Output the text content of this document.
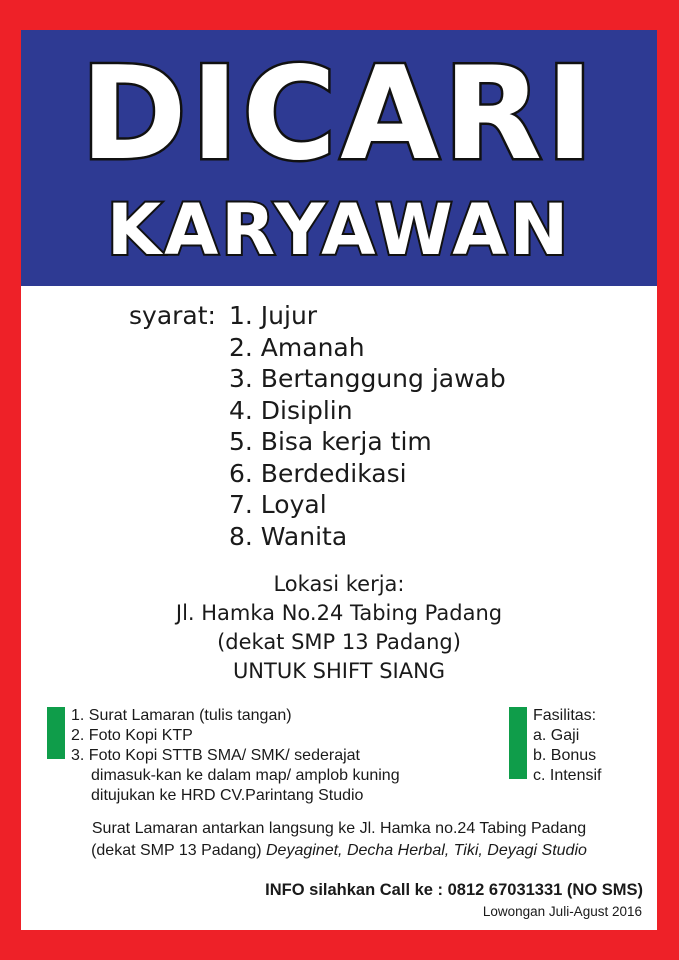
DICARI
KARYAWAN
syarat: 1. Jujur
2. Amanah
3. Bertanggung jawab
4. Disiplin
5. Bisa kerja tim
6. Berdedikasi
7. Loyal
8. Wanita
Lokasi kerja:
Jl. Hamka No.24 Tabing Padang
(dekat SMP 13 Padang)
UNTUK SHIFT SIANG
1. Surat Lamaran (tulis tangan)
2. Foto Kopi KTP
3. Foto Kopi STTB SMA/ SMK/ sederajat
dimasuk-kan ke dalam map/ amplob kuning
ditujukan ke HRD CV.Parintang Studio
Fasilitas:
a. Gaji
b. Bonus
c. Intensif
Surat Lamaran antarkan langsung ke Jl. Hamka no.24 Tabing Padang
(dekat SMP 13 Padang) Deyaginet, Decha Herbal, Tiki, Deyagi Studio
INFO silahkan Call ke : 0812 67031331 (NO SMS)
Lowongan Juli-Agust 2016
